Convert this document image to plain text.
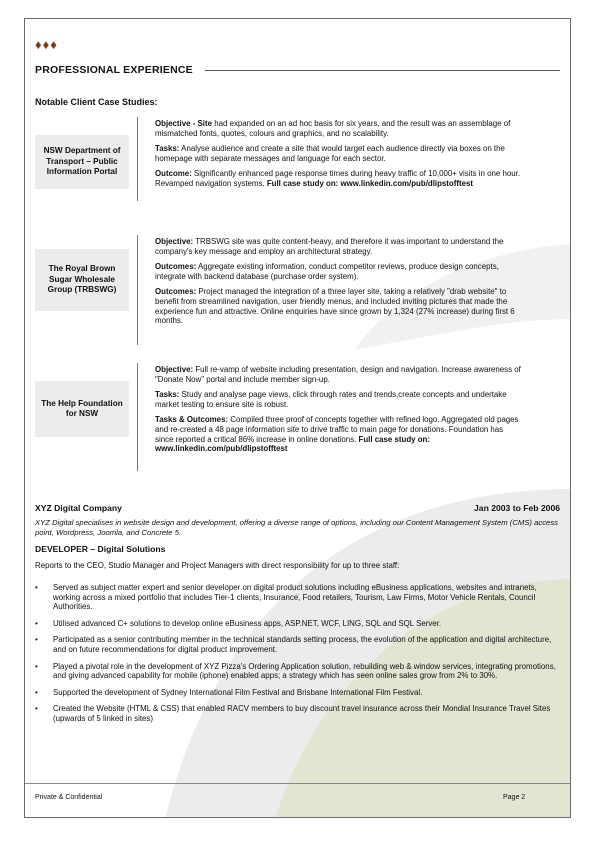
♦♦♦
PROFESSIONAL EXPERIENCE
Notable Client Case Studies:
NSW Department of Transport – Public Information Portal

Objective - Site had expanded on an ad hoc basis for six years, and the result was an assemblage of mismatched fonts, quotes, colours and graphics, and no scalability.

Tasks: Analyse audience and create a site that would target each audience directly via boxes on the homepage with separate messages and language for each sector.

Outcome: Significantly enhanced page response times during heavy traffic of 10,000+ visits in one hour. Revamped navigation systems. Full case study on: www.linkedin.com/pub/dlipstofftest

The Royal Brown Sugar Wholesale Group (TRBSWG)

Objective: TRBSWG site was quite content-heavy, and therefore it was important to understand the company's key message and employ an architectural strategy.

Outcomes: Aggregate existing information, conduct competitor reviews, produce design concepts, integrate with backend database (purchase order system).

Outcomes: Project managed the integration of a three layer site, taking a relatively "drab website" to benefit from streamlined navigation, user friendly menus, and included inviting pictures that made the experience fun and attractive. Online enquiries have since grown by 1,324 (27% increase) during first 6 months.

The Help Foundation for NSW

Objective: Full re-vamp of website including presentation, design and navigation. Increase awareness of "Donate Now" portal and include member sign-up.

Tasks: Study and analyse page views, click through rates and trends,create concepts and undertake market testing to ensure site is robust.

Tasks & Outcomes: Compiled three proof of concepts together with refined logo. Aggregated old pages and re-created a 48 page information site to drive traffic to main page for donations. Foundation has since reported a critical 86% increase in online donations. Full case study on: www.linkedin.com/pub/dlipstofftest

XYZ Digital Company	Jan 2003 to Feb 2006
XYZ Digital specialises in website design and development, offering a diverse range of options, including our Content Management System (CMS) access point, Wordpress, Joomla, and Concrete 5.
DEVELOPER – Digital Solutions
Reports to the CEO, Studio Manager and Project Managers with direct responsibility for up to three staff:
• Served as subject matter expert and senior developer on digital product solutions including eBusiness applications, websites and intranets, working across a mixed portfolio that includes Tier-1 clients, Insurance, Food retailers, Tourism, Law Firms, Motor Vehicle Rentals, Council Authorities.
• Utilised advanced C+ solutions to develop online eBusiness apps, ASP.NET, WCF, LING, SQL and SQL Server.
• Participated as a senior contributing member in the technical standards setting process, the evolution of the application and digital architecture, and on future recommendations for digital product improvement.
• Played a pivotal role in the development of XYZ Pizza's Ordering Application solution, rebuilding web & window services, integrating promotions, and giving advanced capability for mobile (iphone) enabled apps; a strategy which has seen online sales grow from 2% to 30%.
• Supported the development of Sydney International Film Festival and Brisbane International Film Festival.
• Created the Website (HTML & CSS) that enabled RACV members to buy discount travel insurance across their Mondial Insurance Travel Sites (upwards of 5 linked in sites)
Private & Confidential	Page 2
